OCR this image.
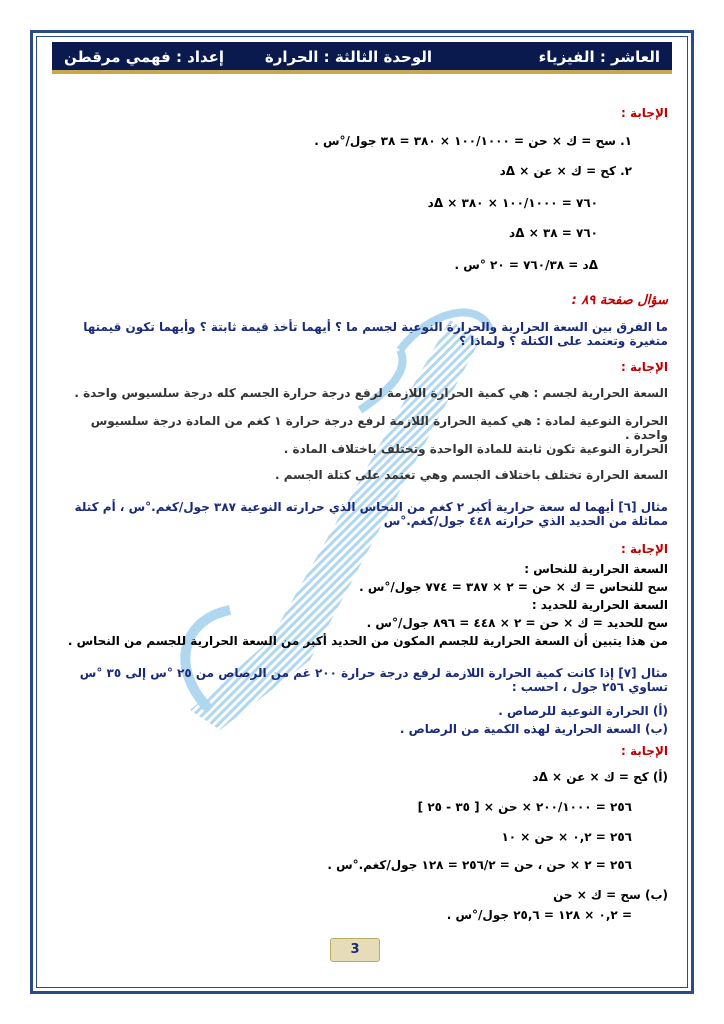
العاشر : الفيزياء
الوحدة الثالثة : الحرارة
إعداد : فهمي مرقطن
الإجابة :
١. سح = ك × حن = ١٠٠/١٠٠٠ × ٣٨٠ = ٣٨ جول/°س .
٢. كح = ك × عن × Δد
٧٦٠ = ١٠٠/١٠٠٠ × ٣٨٠ × Δد
٧٦٠ = ٣٨ × Δد
Δد = ٧٦٠/٣٨ = ٢٠ °س .
سؤال صفحة ٨٩ :
ما الفرق بين السعة الحرارية والحرارة النوعية لجسم ما ؟ أيهما تأخذ قيمة ثابتة ؟ وأيهما تكون قيمتها متغيرة وتعتمد على الكتلة ؟ ولماذا ؟
الإجابة :
السعة الحرارية لجسم : هي كمية الحرارة اللازمة لرفع درجة حرارة الجسم كله درجة سلسيوس واحدة .
الحرارة النوعية لمادة : هي كمية الحرارة اللازمة لرفع درجة حرارة ١ كغم من المادة درجة سلسيوس واحدة .
الحرارة النوعية تكون ثابتة للمادة الواحدة وتختلف باختلاف المادة .
السعة الحرارة تختلف باختلاف الجسم وهي تعتمد على كتلة الجسم .
مثال [٦] أيهما له سعة حرارية أكبر ٢ كغم من النحاس الذي حرارته النوعية ٣٨٧ جول/كغم.°س ، أم كتلة مماثلة من الحديد الذي حرارته ٤٤٨ جول/كغم.°س
الإجابة :
السعة الحرارية للنحاس :
سح للنحاس = ك × حن = ٢ × ٣٨٧ = ٧٧٤ جول/°س .
السعة الحرارية للحديد :
سح للحديد = ك × حن = ٢ × ٤٤٨ = ٨٩٦ جول/°س .
من هذا يتبين أن السعة الحرارية للجسم المكون من الحديد أكبر من السعة الحرارية للجسم من النحاس .
مثال [٧] إذا كانت كمية الحرارة اللازمة لرفع درجة حرارة ٢٠٠ غم من الرصاص من ٢٥ °س إلى ٣٥ °س تساوي ٢٥٦ جول ، احسب :
(أ) الحرارة النوعية للرصاص .
(ب) السعة الحرارية لهذه الكمية من الرصاص .
الإجابة :
(أ) كح = ك × عن × Δد
٢٥٦ = ٢٠٠/١٠٠٠ × حن × [ ٣٥ - ٢٥ ]
٢٥٦ = ٠,٢ × حن × ١٠
٢٥٦ = ٢ × حن ، حن = ٢٥٦/٢ = ١٢٨ جول/كغم.°س .
(ب) سح = ك × حن
= ٠,٢ × ١٢٨ = ٢٥,٦ جول/°س .
3
